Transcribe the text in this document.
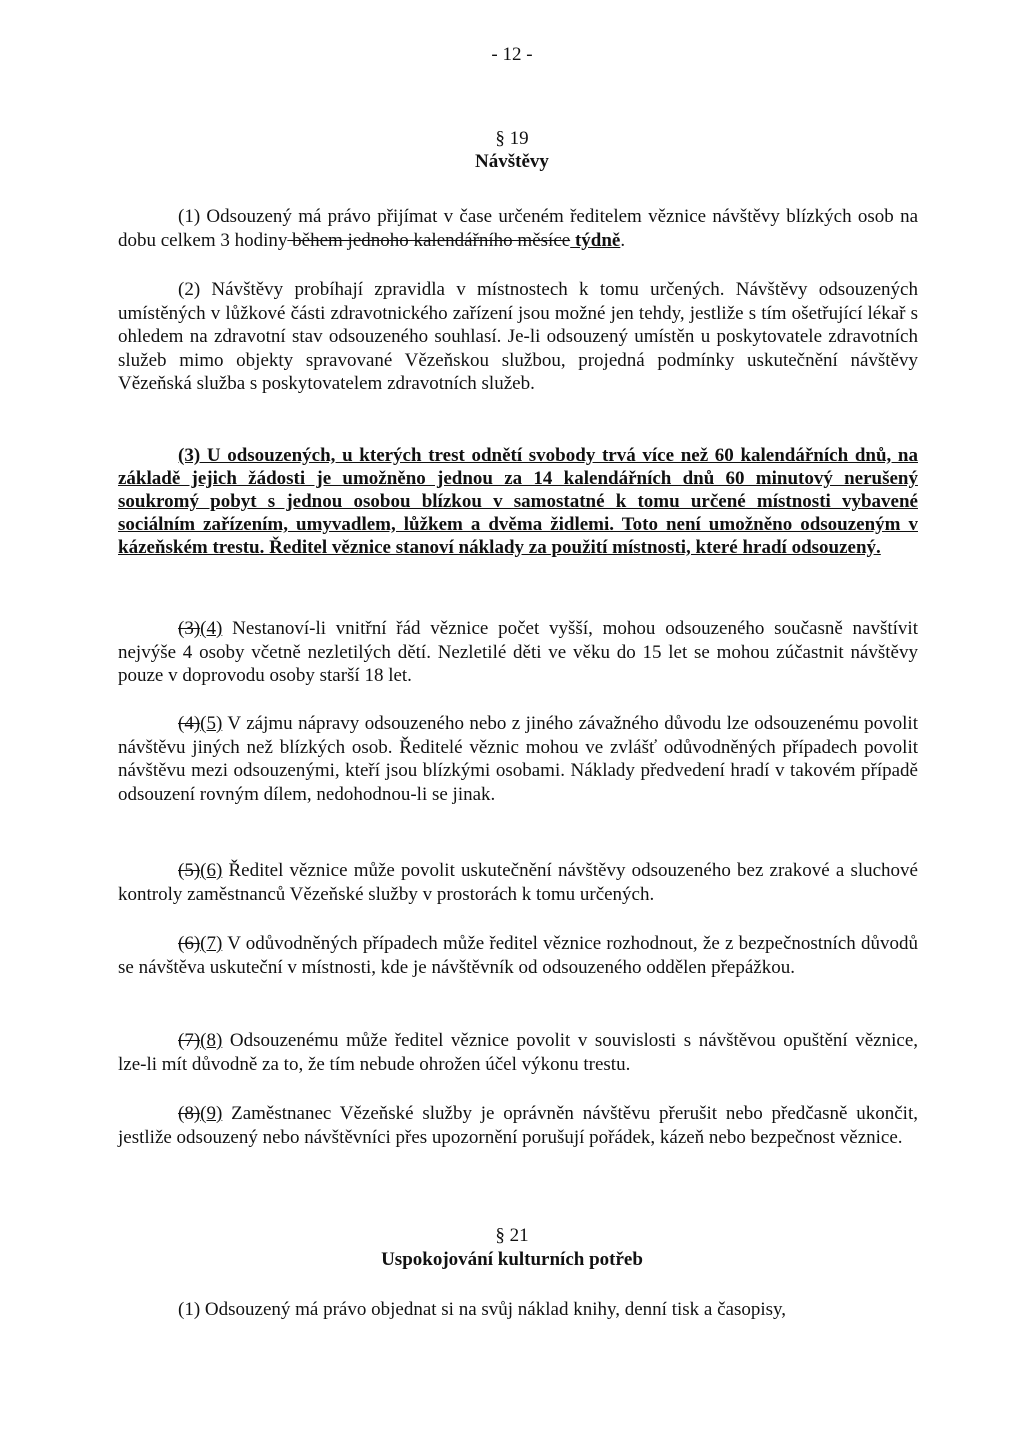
- 12 -
§ 19
Návštěvy

(1) Odsouzený má právo přijímat v čase určeném ředitelem věznice návštěvy blízkých osob na dobu celkem 3 hodiny během jednoho kalendářního měsíce týdně.

(2) Návštěvy probíhají zpravidla v místnostech k tomu určených. Návštěvy odsouzených umístěných v lůžkové části zdravotnického zařízení jsou možné jen tehdy, jestliže s tím ošetřující lékař s ohledem na zdravotní stav odsouzeného souhlasí. Je-li odsouzený umístěn u poskytovatele zdravotních služeb mimo objekty spravované Vězeňskou službou, projedná podmínky uskutečnění návštěvy Vězeňská služba s poskytovatelem zdravotních služeb.

(3) U odsouzených, u kterých trest odnětí svobody trvá více než 60 kalendářních dnů, na základě jejich žádosti je umožněno jednou za 14 kalendářních dnů 60 minutový nerušený soukromý pobyt s jednou osobou blízkou v samostatné k tomu určené místnosti vybavené sociálním zařízením, umyvadlem, lůžkem a dvěma židlemi. Toto není umožněno odsouzeným v kázeňském trestu. Ředitel věznice stanoví náklady za použití místnosti, které hradí odsouzený.

(3)(4) Nestanoví-li vnitřní řád věznice počet vyšší, mohou odsouzeného současně navštívit nejvýše 4 osoby včetně nezletilých dětí. Nezletilé děti ve věku do 15 let se mohou zúčastnit návštěvy pouze v doprovodu osoby starší 18 let.

(4)(5) V zájmu nápravy odsouzeného nebo z jiného závažného důvodu lze odsouzenému povolit návštěvu jiných než blízkých osob. Ředitelé věznic mohou ve zvlášť odůvodněných případech povolit návštěvu mezi odsouzenými, kteří jsou blízkými osobami. Náklady předvedení hradí v takovém případě odsouzení rovným dílem, nedohodnou-li se jinak.

(5)(6) Ředitel věznice může povolit uskutečnění návštěvy odsouzeného bez zrakové a sluchové kontroly zaměstnanců Vězeňské služby v prostorách k tomu určených.

(6)(7) V odůvodněných případech může ředitel věznice rozhodnout, že z bezpečnostních důvodů se návštěva uskuteční v místnosti, kde je návštěvník od odsouzeného oddělen přepážkou.

(7)(8) Odsouzenému může ředitel věznice povolit v souvislosti s návštěvou opuštění věznice, lze-li mít důvodně za to, že tím nebude ohrožen účel výkonu trestu.

(8)(9) Zaměstnanec Vězeňské služby je oprávněn návštěvu přerušit nebo předčasně ukončit, jestliže odsouzený nebo návštěvníci přes upozornění porušují pořádek, kázeň nebo bezpečnost věznice.

§ 21
Uspokojování kulturních potřeb

(1) Odsouzený má právo objednat si na svůj náklad knihy, denní tisk a časopisy,
